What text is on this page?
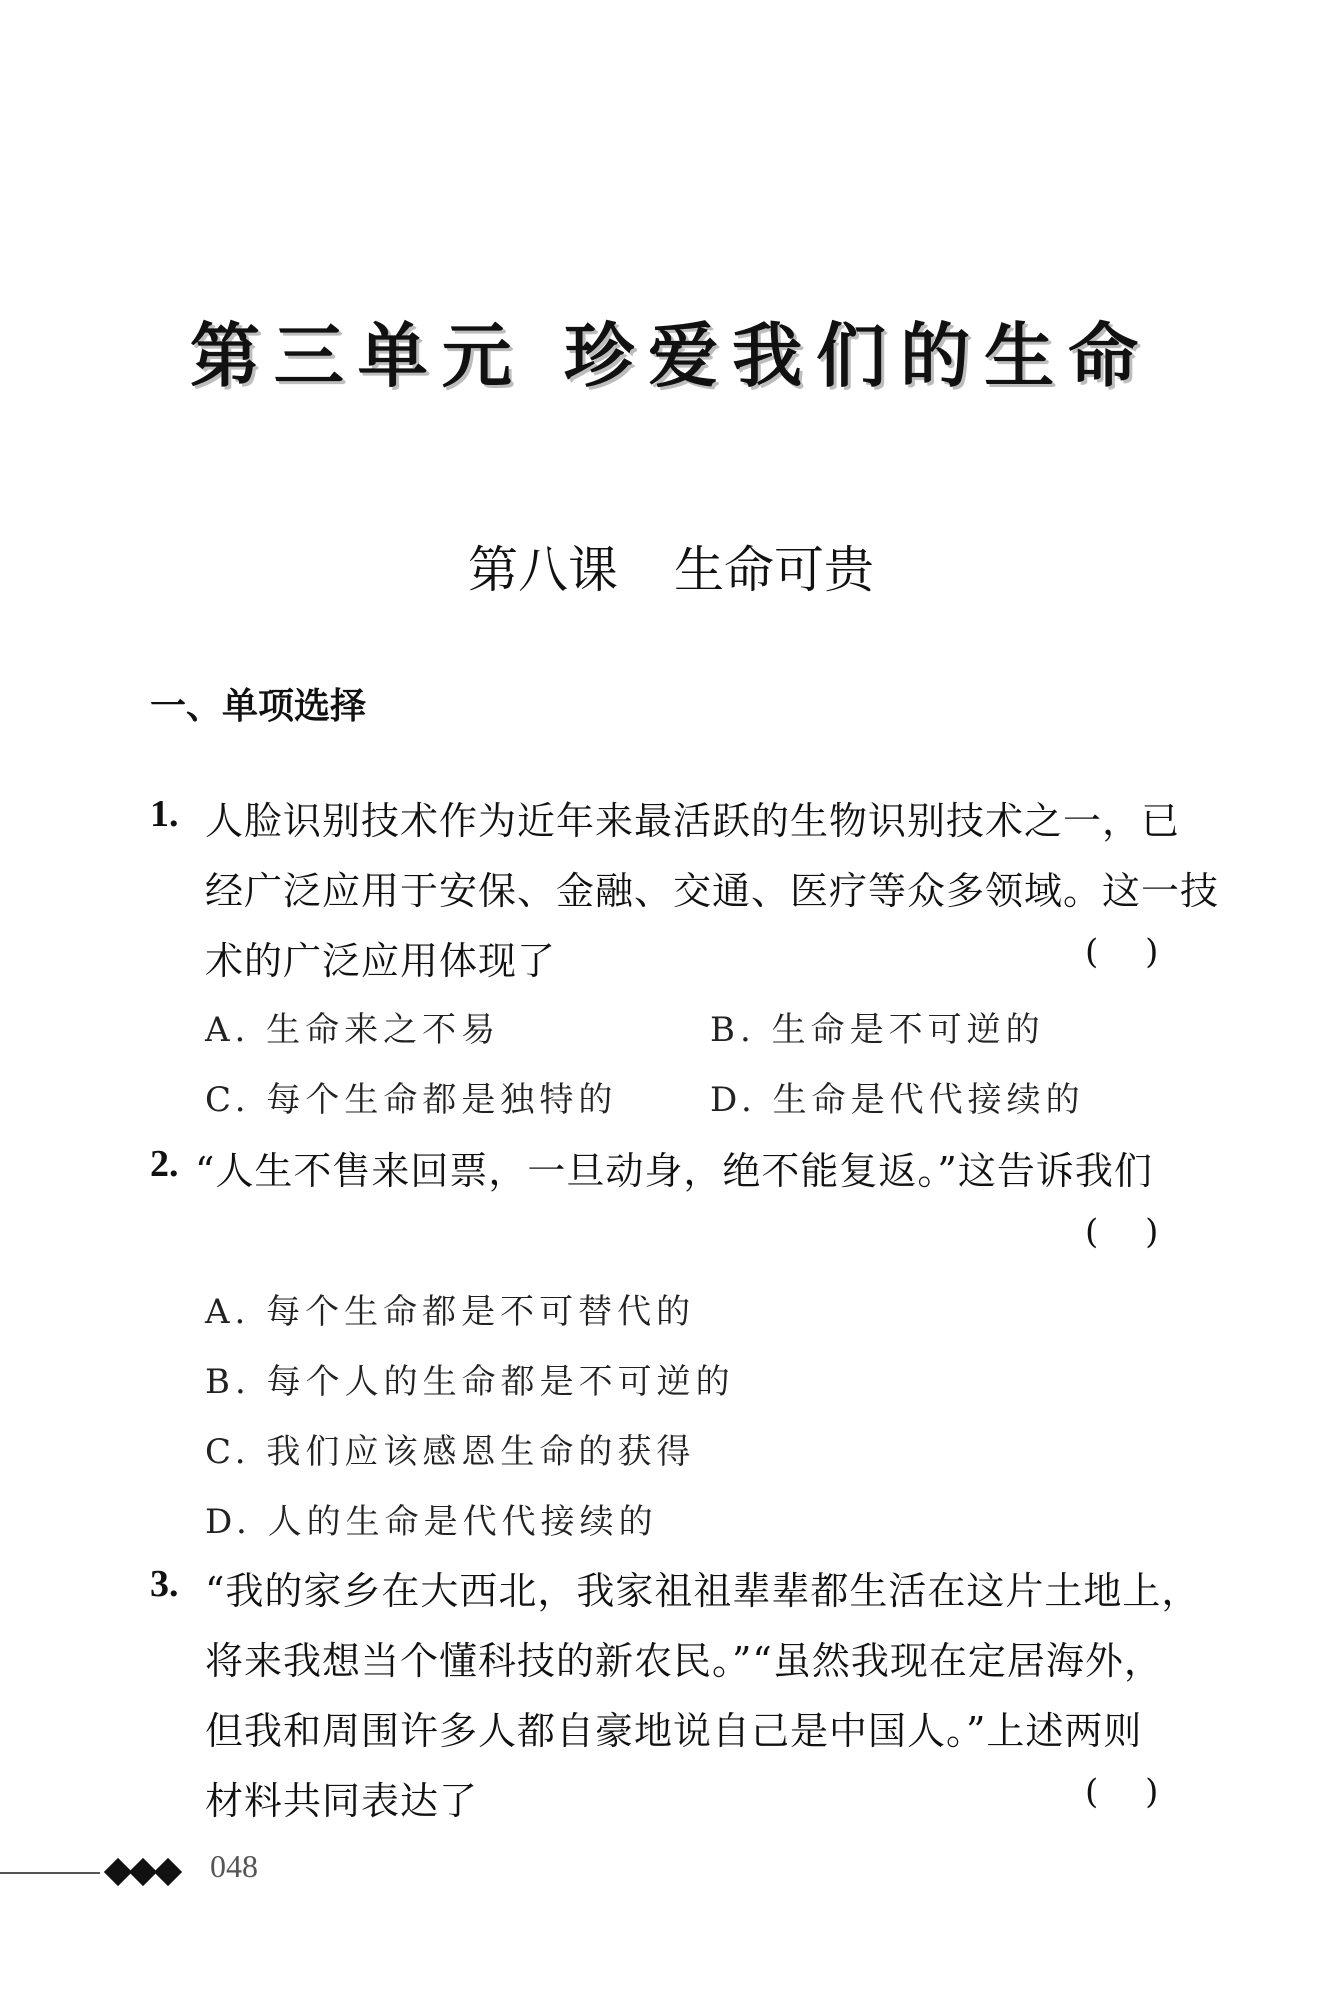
第三单元 珍爱我们的生命
第八课 生命可贵
一、单项选择
1. 人脸识别技术作为近年来最活跃的生物识别技术之一，已
经广泛应用于安保、金融、交通、医疗等众多领域。这一技
术的广泛应用体现了	( )
A. 生命来之不易	B. 生命是不可逆的
C. 每个生命都是独特的	D. 生命是代代接续的
2. “人生不售来回票，一旦动身，绝不能复返。”这告诉我们
( )
A. 每个生命都是不可替代的
B. 每个人的生命都是不可逆的
C. 我们应该感恩生命的获得
D. 人的生命是代代接续的
3. “我的家乡在大西北，我家祖祖辈辈都生活在这片土地上，
将来我想当个懂科技的新农民。”“虽然我现在定居海外，
但我和周围许多人都自豪地说自己是中国人。”上述两则
材料共同表达了	( )
048
